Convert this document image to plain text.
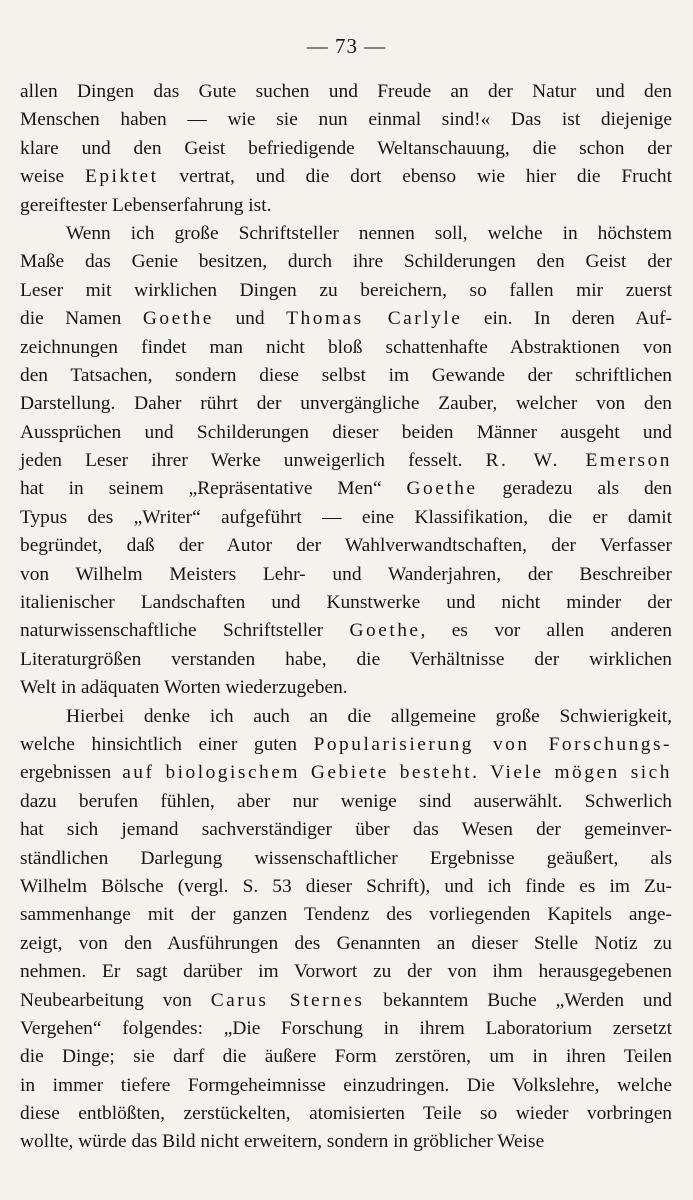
— 73 —
allen Dingen das Gute suchen und Freude an der Natur und den
Menschen haben — wie sie nun einmal sind!« Das ist diejenige
klare und den Geist befriedigende Weltanschauung, die schon der
weise Epiktet vertrat, und die dort ebenso wie hier die Frucht
gereiftester Lebenserfahrung ist.
Wenn ich große Schriftsteller nennen soll, welche in höchstem
Maße das Genie besitzen, durch ihre Schilderungen den Geist der
Leser mit wirklichen Dingen zu bereichern, so fallen mir zuerst
die Namen Goethe und Thomas Carlyle ein. In deren Auf-
zeichnungen findet man nicht bloß schattenhafte Abstraktionen von
den Tatsachen, sondern diese selbst im Gewande der schriftlichen
Darstellung. Daher rührt der unvergängliche Zauber, welcher von den
Aussprüchen und Schilderungen dieser beiden Männer ausgeht und
jeden Leser ihrer Werke unweigerlich fesselt. R. W. Emerson
hat in seinem „Repräsentative Men“ Goethe geradezu als den
Typus des „Writer“ aufgeführt — eine Klassifikation, die er damit
begründet, daß der Autor der Wahlverwandtschaften, der Verfasser
von Wilhelm Meisters Lehr- und Wanderjahren, der Beschreiber
italienischer Landschaften und Kunstwerke und nicht minder der
naturwissenschaftliche Schriftsteller Goethe, es vor allen anderen
Literaturgrößen verstanden habe, die Verhältnisse der wirklichen
Welt in adäquaten Worten wiederzugeben.
Hierbei denke ich auch an die allgemeine große Schwierigkeit,
welche hinsichtlich einer guten Popularisierung von Forschungs-
ergebnissen auf biologischem Gebiete besteht. Viele mögen sich
dazu berufen fühlen, aber nur wenige sind auserwählt. Schwerlich
hat sich jemand sachverständiger über das Wesen der gemeinver-
ständlichen Darlegung wissenschaftlicher Ergebnisse geäußert, als
Wilhelm Bölsche (vergl. S. 53 dieser Schrift), und ich finde es im Zu-
sammenhange mit der ganzen Tendenz des vorliegenden Kapitels ange-
zeigt, von den Ausführungen des Genannten an dieser Stelle Notiz zu
nehmen. Er sagt darüber im Vorwort zu der von ihm herausgegebenen
Neubearbeitung von Carus Sternes bekanntem Buche „Werden und
Vergehen“ folgendes: „Die Forschung in ihrem Laboratorium zersetzt
die Dinge; sie darf die äußere Form zerstören, um in ihren Teilen
in immer tiefere Formgeheimnisse einzudringen. Die Volkslehre, welche
diese entblößten, zerstückelten, atomisierten Teile so wieder vorbringen
wollte, würde das Bild nicht erweitern, sondern in gröblicher Weise
